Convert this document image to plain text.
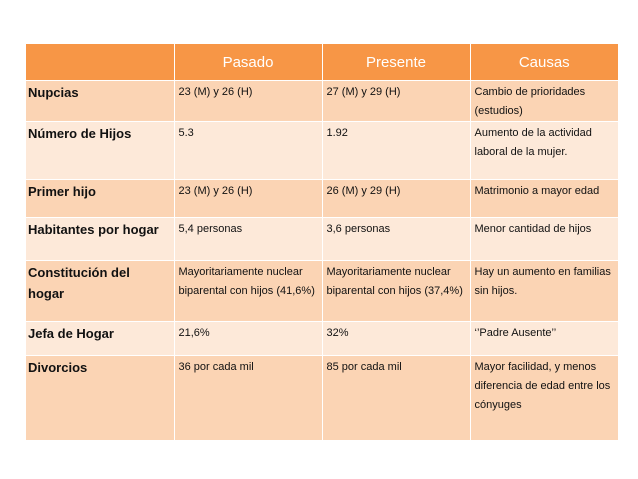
	Pasado	Presente	Causas
Nupcias	23 (M) y 26 (H)	27 (M) y 29 (H)	Cambio de prioridades (estudios)
Número de Hijos	5.3	1.92	Aumento de la actividad laboral de la mujer.
Primer hijo	23 (M) y 26 (H)	26 (M) y 29 (H)	Matrimonio a mayor edad
Habitantes por hogar	5,4 personas	3,6 personas	Menor cantidad de hijos
Constitución del hogar	Mayoritariamente nuclear biparental con hijos (41,6%)	Mayoritariamente nuclear biparental con hijos (37,4%)	Hay un aumento en familias sin hijos.
Jefa de Hogar	21,6%	32%	‘’Padre Ausente’’
Divorcios	36 por cada mil	85 por cada mil	Mayor facilidad, y menos diferencia de edad entre los cónyuges
